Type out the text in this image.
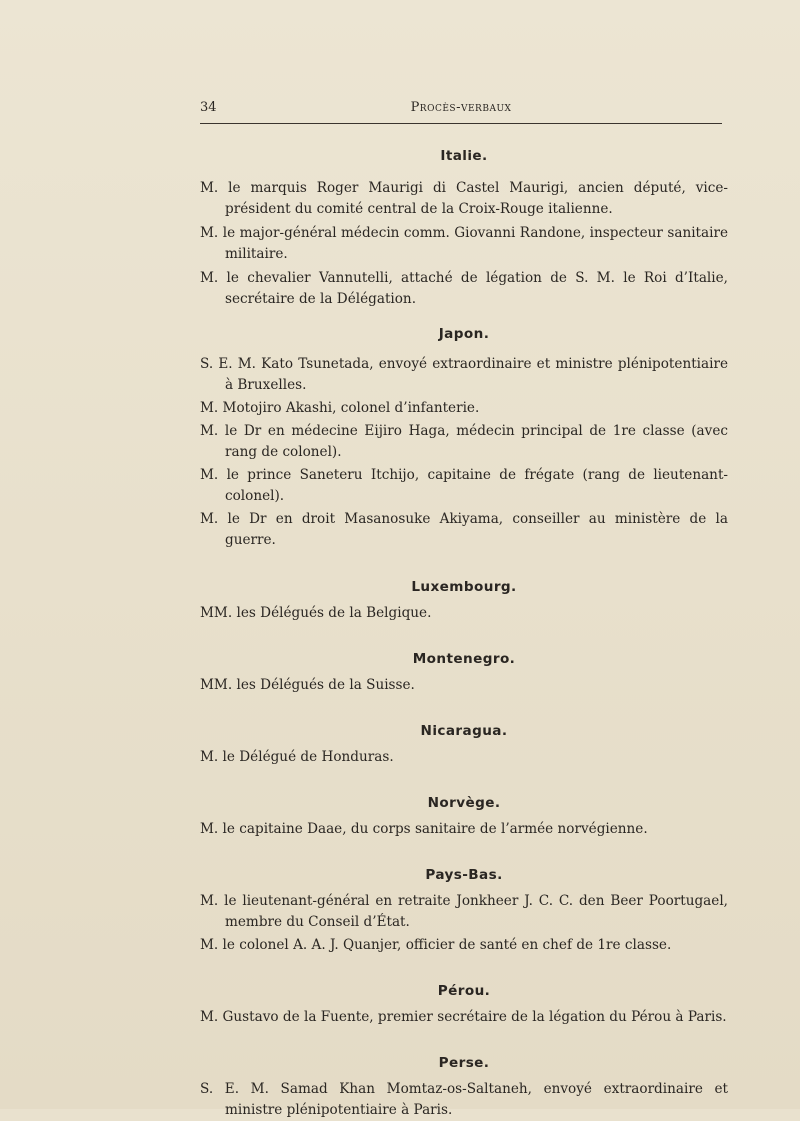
34	Procès-verbaux
Italie.

M. le marquis Roger Maurigi di Castel Maurigi, ancien député, vice-président du comité central de la Croix-Rouge italienne.

M. le major-général médecin comm. Giovanni Randone, inspecteur sanitaire militaire.

M. le chevalier Vannutelli, attaché de légation de S. M. le Roi d’Italie, secrétaire de la Délégation.

Japon.

S. E. M. Kato Tsunetada, envoyé extraordinaire et ministre plénipotentiaire à Bruxelles.

M. Motojiro Akashi, colonel d’infanterie.

M. le Dr en médecine Eijiro Haga, médecin principal de 1re classe (avec rang de colonel).

M. le prince Saneteru Itchijo, capitaine de frégate (rang de lieutenant-colonel).

M. le Dr en droit Masanosuke Akiyama, conseiller au ministère de la guerre.

Luxembourg.

MM. les Délégués de la Belgique.

Montenegro.

MM. les Délégués de la Suisse.

Nicaragua.

M. le Délégué de Honduras.

Norvège.

M. le capitaine Daae, du corps sanitaire de l’armée norvégienne.

Pays-Bas.

M. le lieutenant-général en retraite Jonkheer J. C. C. den Beer Poortugael, membre du Conseil d’État.

M. le colonel A. A. J. Quanjer, officier de santé en chef de 1re classe.

Pérou.

M. Gustavo de la Fuente, premier secrétaire de la légation du Pérou à Paris.

Perse.

S. E. M. Samad Khan Momtaz-os-Saltaneh, envoyé extraordinaire et ministre plénipotentiaire à Paris.
